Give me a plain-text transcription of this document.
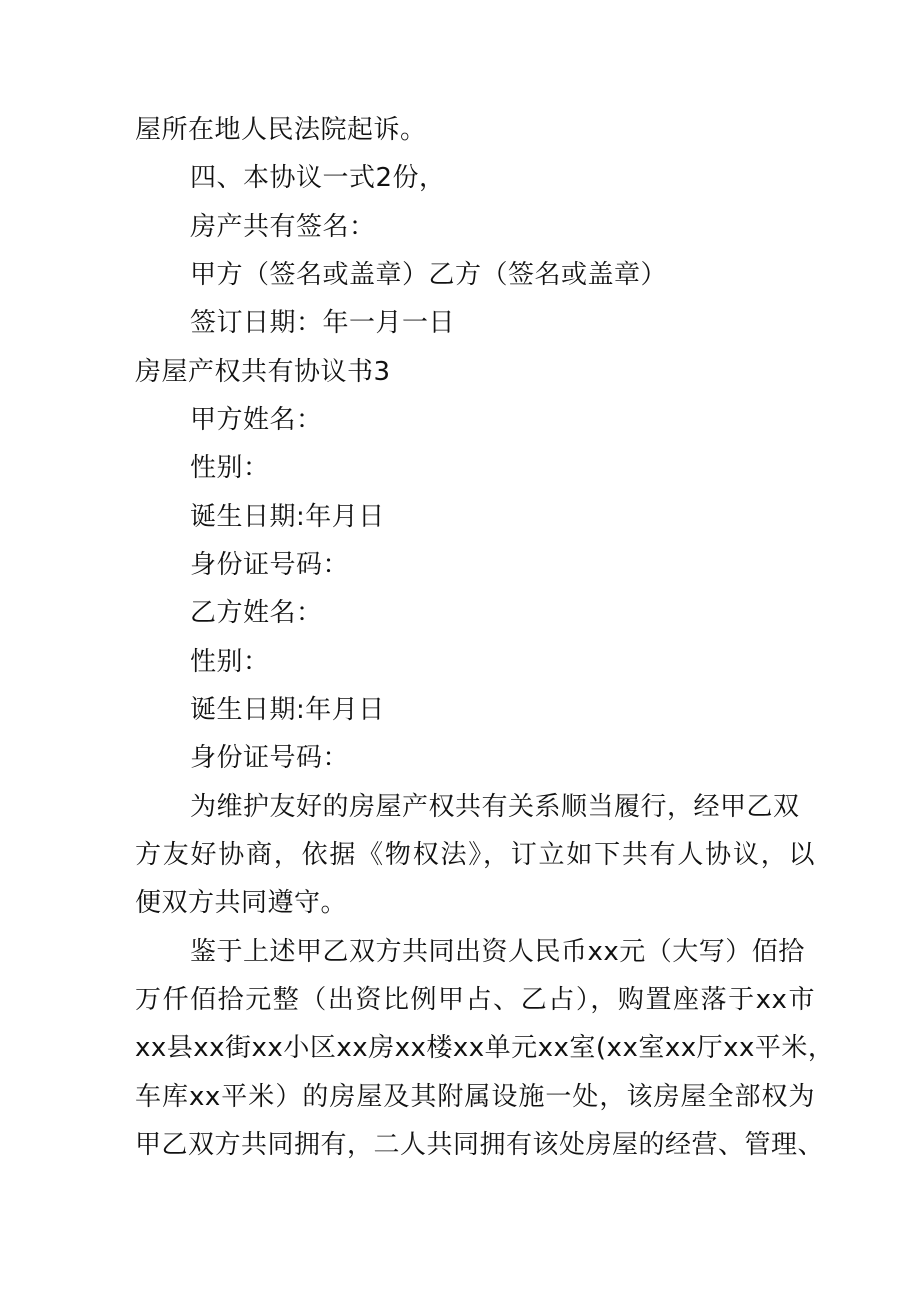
屋所在地人民法院起诉。
四、本协议一式2份，
房产共有签名：
甲方（签名或盖章）乙方（签名或盖章）
签订日期：年一月一日
房屋产权共有协议书3
甲方姓名：
性别：
诞生日期:年月日
身份证号码：
乙方姓名：
性别：
诞生日期:年月日
身份证号码：
为维护友好的房屋产权共有关系顺当履行，经甲乙双
方友好协商，依据《物权法》，订立如下共有人协议，以
便双方共同遵守。
鉴于上述甲乙双方共同出资人民币xx元（大写）佰拾
万仟佰拾元整（出资比例甲占、乙占），购置座落于xx市
xx县xx街xx小区xx房xx楼xx单元xx室(xx室xx厅xx平米，
车库xx平米）的房屋及其附属设施一处，该房屋全部权为
甲乙双方共同拥有，二人共同拥有该处房屋的经营、管理、
